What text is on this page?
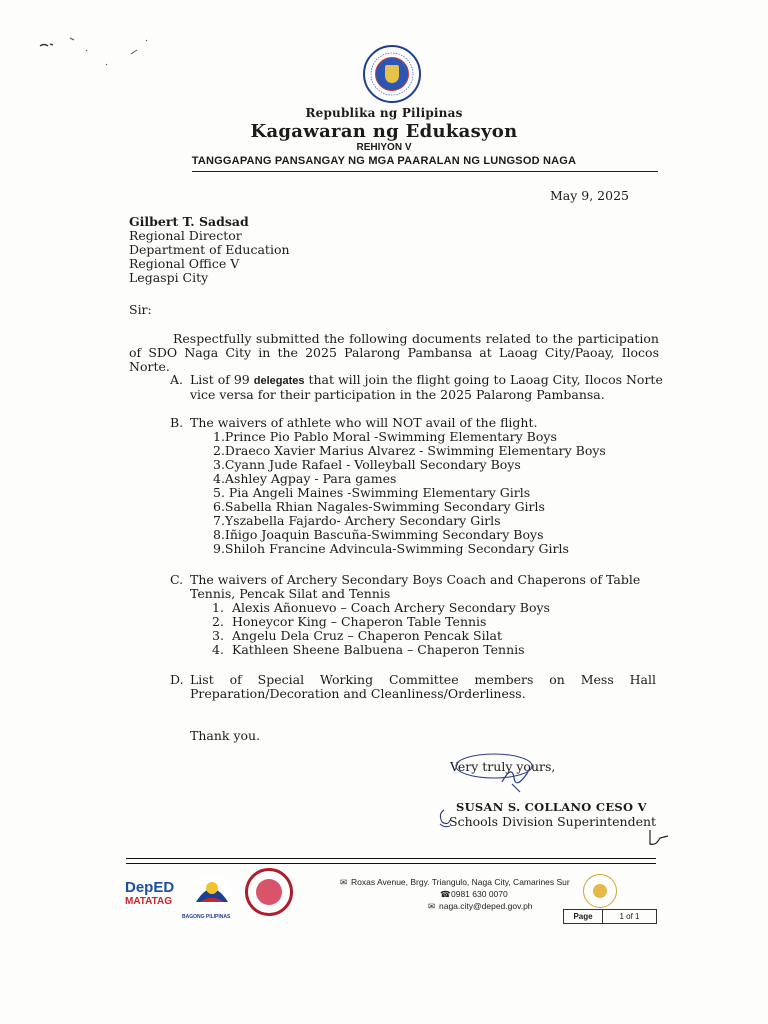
Republika ng Pilipinas
Kagawaran ng Edukasyon
REHIYON V
TANGGAPANG PANSANGAY NG MGA PAARALAN NG LUNGSOD NAGA
May 9, 2025
Gilbert T. Sadsad
Regional Director
Department of Education
Regional Office V
Legaspi City
Sir:

Respectfully submitted the following documents related to the participation of SDO Naga City in the 2025 Palarong Pambansa at Laoag City/Paoay, Ilocos Norte.

A. List of 99 delegates that will join the flight going to Laoag City, Ilocos Norte
vice versa for their participation in the 2025 Palarong Pambansa.
B. The waivers of athlete who will NOT avail of the flight.
1.Prince Pio Pablo Moral -Swimming Elementary Boys
2.Draeco Xavier Marius Alvarez - Swimming Elementary Boys
3.Cyann Jude Rafael - Volleyball Secondary Boys
4.Ashley Agpay - Para games
5. Pia Angeli Maines -Swimming Elementary Girls
6.Sabella Rhian Nagales-Swimming Secondary Girls
7.Yszabella Fajardo- Archery Secondary Girls
8.Iñigo Joaquin Bascuña-Swimming Secondary Boys
9.Shiloh Francine Advincula-Swimming Secondary Girls
C. The waivers of Archery Secondary Boys Coach and Chaperons of Table
Tennis, Pencak Silat and Tennis
1. Alexis Añonuevo – Coach Archery Secondary Boys
2. Honeycor King – Chaperon Table Tennis
3. Angelu Dela Cruz – Chaperon Pencak Silat
4. Kathleen Sheene Balbuena – Chaperon Tennis
D. List of Special Working Committee members on Mess Hall Preparation/Decoration and Cleanliness/Orderliness.
Thank you.
Very truly yours,
SUSAN S. COLLANO CESO V
Schools Division Superintendent
DepED
MATATAG
BAGONG PILIPINAS
✉ Roxas Avenue, Brgy. Triangulo, Naga City, Camarines Sur
☎0981 630 0070
✉ naga.city@deped.gov.ph
Page	1 of 1
